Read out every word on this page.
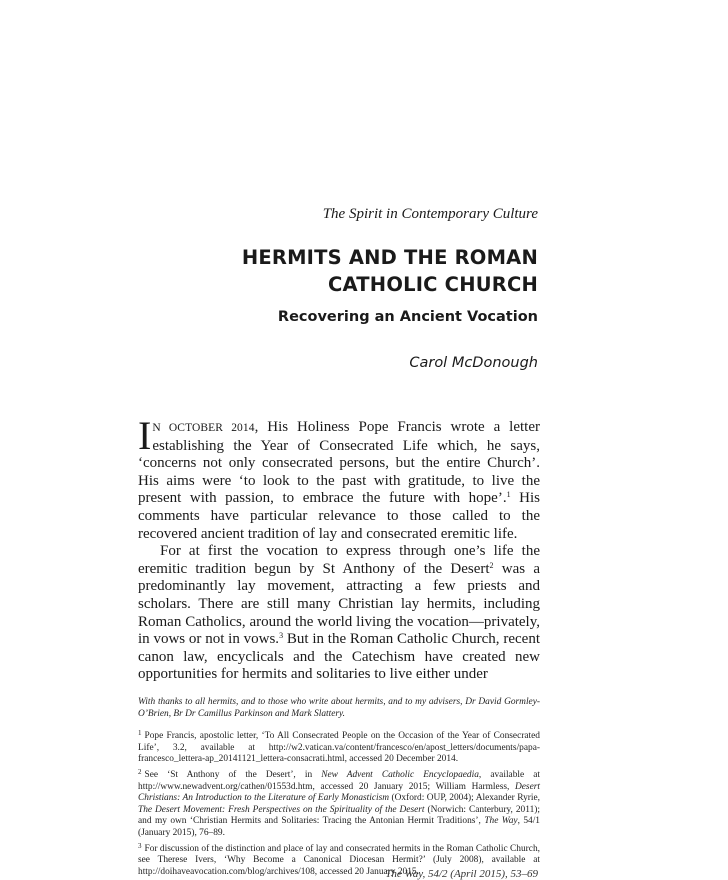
The Spirit in Contemporary Culture
HERMITS AND THE ROMAN
CATHOLIC CHURCH
Recovering an Ancient Vocation
Carol McDonough

I N OCTOBER 2014, His Holiness Pope Francis wrote a letter establishing the Year of Consecrated Life which, he says, ‘concerns not only consecrated persons, but the entire Church’. His aims were ‘to look to the past with gratitude, to live the present with passion, to embrace the future with hope’.$^1$ His comments have particular relevance to those called to the recovered ancient tradition of lay and consecrated eremitic life.

For at first the vocation to express through one’s life the eremitic tradition begun by St Anthony of the Desert$^2$ was a predominantly lay movement, attracting a few priests and scholars. There are still many Christian lay hermits, including Roman Catholics, around the world living the vocation—privately, in vows or not in vows.$^3$ But in the Roman Catholic Church, recent canon law, encyclicals and the Catechism have created new opportunities for hermits and solitaries to live either under

With thanks to all hermits, and to those who write about hermits, and to my advisers, Dr David Gormley-O’Brien, Br Dr Camillus Parkinson and Mark Slattery.

$^1$ Pope Francis, apostolic letter, ‘To All Consecrated People on the Occasion of the Year of Consecrated Life’, 3.2, available at http://w2.vatican.va/content/francesco/en/apost_letters/documents/papa-francesco_lettera-ap_20141121_lettera-consacrati.html, accessed 20 December 2014.

$^2$ See ‘St Anthony of the Desert’, in New Advent Catholic Encyclopaedia, available at http://www.newadvent.org/cathen/01553d.htm, accessed 20 January 2015; William Harmless, Desert Christians: An Introduction to the Literature of Early Monasticism (Oxford: OUP, 2004); Alexander Ryrie, The Desert Movement: Fresh Perspectives on the Spirituality of the Desert (Norwich: Canterbury, 2011); and my own ‘Christian Hermits and Solitaries: Tracing the Antonian Hermit Traditions’, The Way, 54/1 (January 2015), 76–89.

$^3$ For discussion of the distinction and place of lay and consecrated hermits in the Roman Catholic Church, see Therese Ivers, ‘Why Become a Canonical Diocesan Hermit?’ (July 2008), available at http://doihaveavocation.com/blog/archives/108, accessed 20 January 2015.

The Way, 54/2 (April 2015), 53–69
